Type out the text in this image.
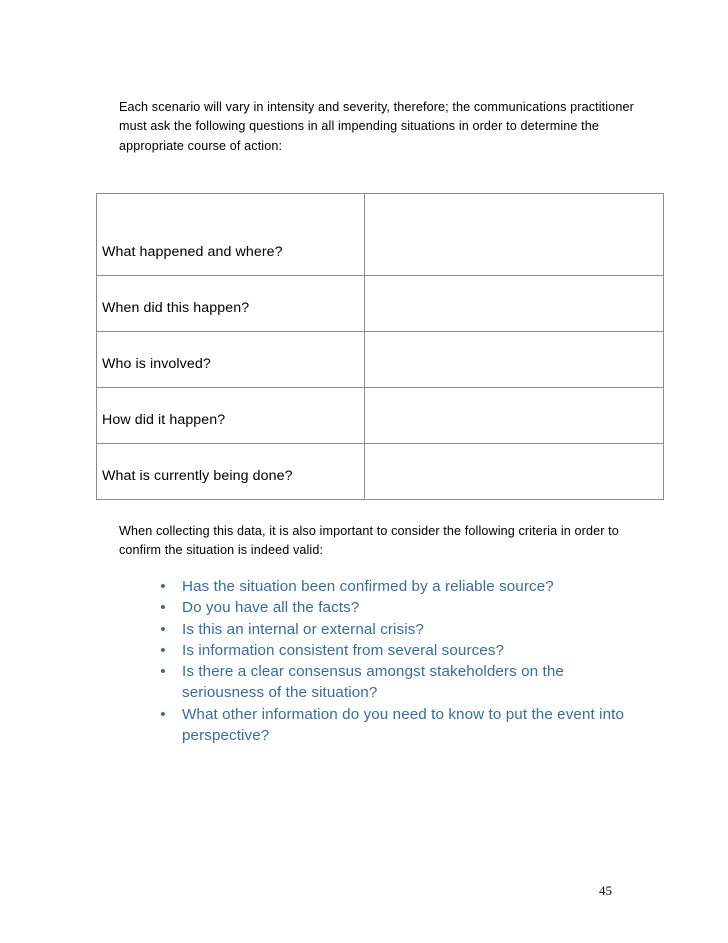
Each scenario will vary in intensity and severity, therefore; the communications practitioner must ask the following questions in all impending situations in order to determine the appropriate course of action:

What happened and where?	
When did this happen?	
Who is involved?	
How did it happen?	
What is currently being done?	

When collecting this data, it is also important to consider the following criteria in order to confirm the situation is indeed valid:

• Has the situation been confirmed by a reliable source?
• Do you have all the facts?
• Is this an internal or external crisis?
• Is information consistent from several sources?
• Is there a clear consensus amongst stakeholders on the seriousness of the situation?
• What other information do you need to know to put the event into perspective?
45
